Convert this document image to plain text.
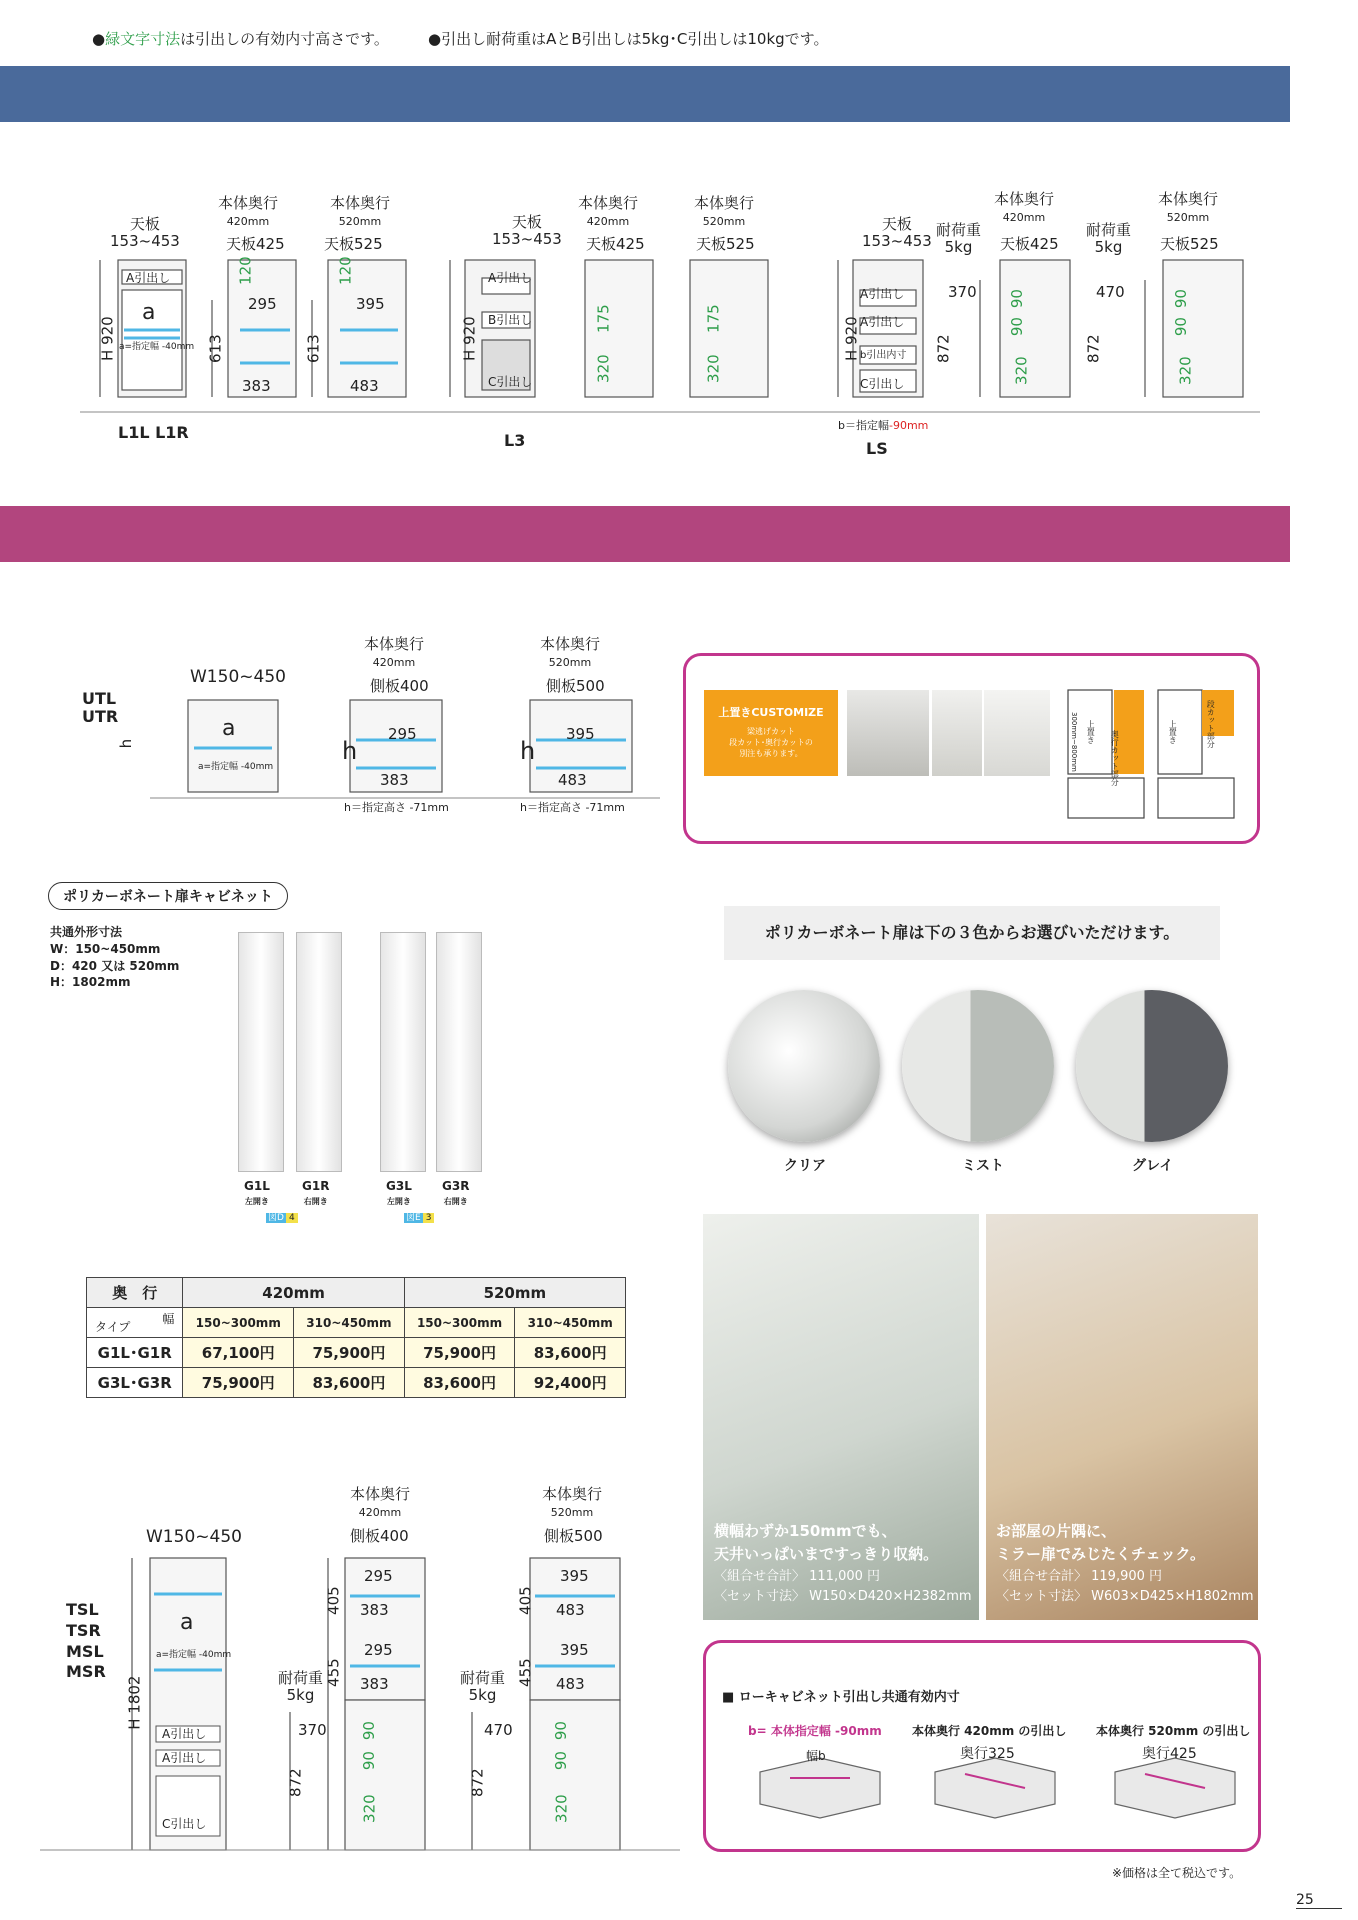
●緑文字寸法は引出しの有効内寸高さです。	●引出し耐荷重はAとB引出しは5kg･C引出しは10kgです。
天板
153~453
本体奥行
420mm
本体奥行
520mm
天板425	天板525
A引出し
a
a=指定幅 -40mm
H 920	613	613
295	395
383	483
120	120
L1L L1R
天板
153~453
本体奥行
420mm
本体奥行
520mm
天板425	天板525
A引出し
B引出し
C引出し
H 920	175
320
175
320
L3
天板
153~453
耐荷重
5kg
耐荷重
5kg
本体奥行
420mm
本体奥行
520mm
天板425	天板525
370	470
A引出し
A引出し
b引出内寸
C引出し
H 920	872	872
90
90
320
90
90
320
b＝指定幅-90mm
LS
UTL
UTR
W150~450
h
a
a=指定幅 -40mm
本体奥行
420mm
本体奥行
520mm
側板400	側板500
295	395
383	483
h	h
h＝指定高さ -71mm	h＝指定高さ -71mm
上置きCUSTOMIZE
梁逃げカット
段カット･奥行カットの
別注も承ります。	奥行カット部分
段カット部分
上置き	上置き
300mm~800mm
ポリカーボネート扉キャビネット
共通外形寸法
W：150~450mm
D：420 又は 520mm
H：1802mm
G1L
左開き
G1R
右開き
G3L
左開き
G3R
右開き
図D 4	図E 3
ポリカーボネート扉は下の３色からお選びいただけます。
クリア	ミスト	グレイ
奥　行	420mm		520mm	

タイプ
幅	150~300mm	310~450mm	150~300mm	310~450mm
G1L･G1R	67,100円	75,900円	75,900円	83,600円
G3L･G3R	75,900円	83,600円	83,600円	92,400円
横幅わずか150mmでも、
天井いっぱいまですっきり収納。
〈組合せ合計〉 111,000 円
〈セット寸法〉 W150×D420×H2382mm
お部屋の片隅に、
ミラー扉でみじたくチェック。
〈組合せ合計〉 119,900 円
〈セット寸法〉 W603×D425×H1802mm
TSL
TSR
MSL
MSR
W150~450
H 1802
a
a=指定幅 -40mm
A引出し
A引出し
C引出し
本体奥行
420mm
本体奥行
520mm
側板400	側板500
405
455
405
455
872	872
耐荷重
5kg
耐荷重
5kg
370	470
295
383
295
383
395
483
395
483
90
90
320
90
90
320
■ ローキャビネット引出し共通有効内寸
b= 本体指定幅 -90mm	本体奥行 420mm の引出し 本体奥行 520mm の引出し
幅b	奥行325	奥行425
※価格は全て税込です。
25
